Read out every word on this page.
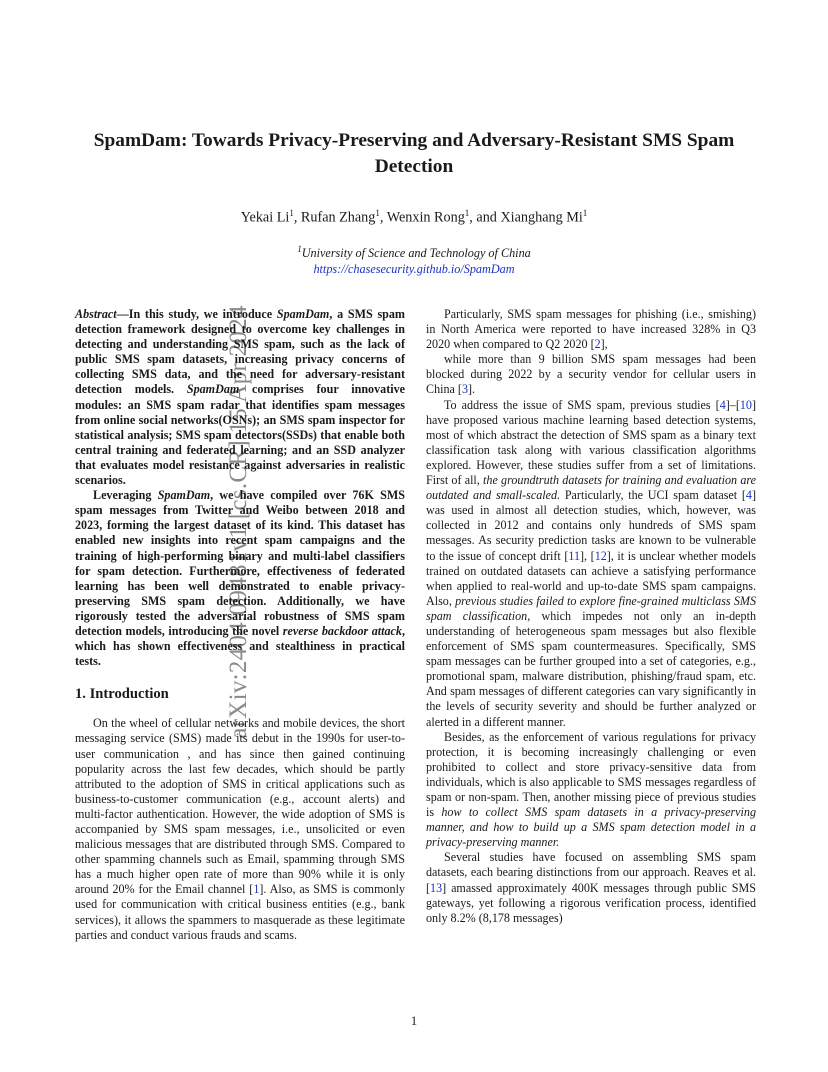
arXiv:2404.09481v1 [cs.CR] 15 Apr 2024
SpamDam: Towards Privacy-Preserving and Adversary-Resistant SMS Spam
Detection
Yekai Li$^1$, Rufan Zhang$^1$, Wenxin Rong$^1$, and Xianghang Mi$^1$
$^1$University of Science and Technology of China
https://chasesecurity.github.io/SpamDam

Abstract—In this study, we introduce SpamDam, a SMS spam detection framework designed to overcome key challenges in detecting and understanding SMS spam, such as the lack of public SMS spam datasets, increasing privacy concerns of collecting SMS data, and the need for adversary-resistant detection models. SpamDam comprises four innovative modules: an SMS spam radar that identifies spam messages from online social networks(OSNs); an SMS spam inspector for statistical analysis; SMS spam detectors(SSDs) that enable both central training and federated learning; and an SSD analyzer that evaluates model resistance against adversaries in realistic scenarios.

Leveraging SpamDam, we have compiled over 76K SMS spam messages from Twitter and Weibo between 2018 and 2023, forming the largest dataset of its kind. This dataset has enabled new insights into recent spam campaigns and the training of high-performing binary and multi-label classifiers for spam detection. Furthermore, effectiveness of federated learning has been well demonstrated to enable privacy-preserving SMS spam detection. Additionally, we have rigorously tested the adversarial robustness of SMS spam detection models, introducing the novel reverse backdoor attack, which has shown effectiveness and stealthiness in practical tests.

1. Introduction

On the wheel of cellular networks and mobile devices, the short messaging service (SMS) made its debut in the 1990s for user-to-user communication , and has since then gained continuing popularity across the last few decades, which should be partly attributed to the adoption of SMS in critical applications such as business-to-customer communication (e.g., account alerts) and multi-factor authentication. However, the wide adoption of SMS is accompanied by SMS spam messages, i.e., unsolicited or even malicious messages that are distributed through SMS. Compared to other spamming channels such as Email, spamming through SMS has a much higher open rate of more than 90% while it is only around 20% for the Email channel [1]. Also, as SMS is commonly used for communication with critical business entities (e.g., bank services), it allows the spammers to masquerade as these legitimate parties and conduct various frauds and scams.

Particularly, SMS spam messages for phishing (i.e., smishing) in North America were reported to have increased 328% in Q3 2020 when compared to Q2 2020 [2],

while more than 9 billion SMS spam messages had been blocked during 2022 by a security vendor for cellular users in China [3].

To address the issue of SMS spam, previous studies [4]–[10] have proposed various machine learning based detection systems, most of which abstract the detection of SMS spam as a binary text classification task along with various classification algorithms explored. However, these studies suffer from a set of limitations. First of all, the groundtruth datasets for training and evaluation are outdated and small-scaled. Particularly, the UCI spam dataset [4] was used in almost all detection studies, which, however, was collected in 2012 and contains only hundreds of SMS spam messages. As security prediction tasks are known to be vulnerable to the issue of concept drift [11], [12], it is unclear whether models trained on outdated datasets can achieve a satisfying performance when applied to real-world and up-to-date SMS spam campaigns. Also, previous studies failed to explore fine-grained multiclass SMS spam classification, which impedes not only an in-depth understanding of heterogeneous spam messages but also flexible enforcement of SMS spam countermeasures. Specifically, SMS spam messages can be further grouped into a set of categories, e.g., promotional spam, malware distribution, phishing/fraud spam, etc. And spam messages of different categories can vary significantly in the levels of security severity and should be further analyzed or alerted in a different manner.

Besides, as the enforcement of various regulations for privacy protection, it is becoming increasingly challenging or even prohibited to collect and store privacy-sensitive data from individuals, which is also applicable to SMS messages regardless of spam or non-spam. Then, another missing piece of previous studies is how to collect SMS spam datasets in a privacy-preserving manner, and how to build up a SMS spam detection model in a privacy-preserving manner.

Several studies have focused on assembling SMS spam datasets, each bearing distinctions from our approach. Reaves et al. [13] amassed approximately 400K messages through public SMS gateways, yet following a rigorous verification process, identified only 8.2% (8,178 messages)

1
